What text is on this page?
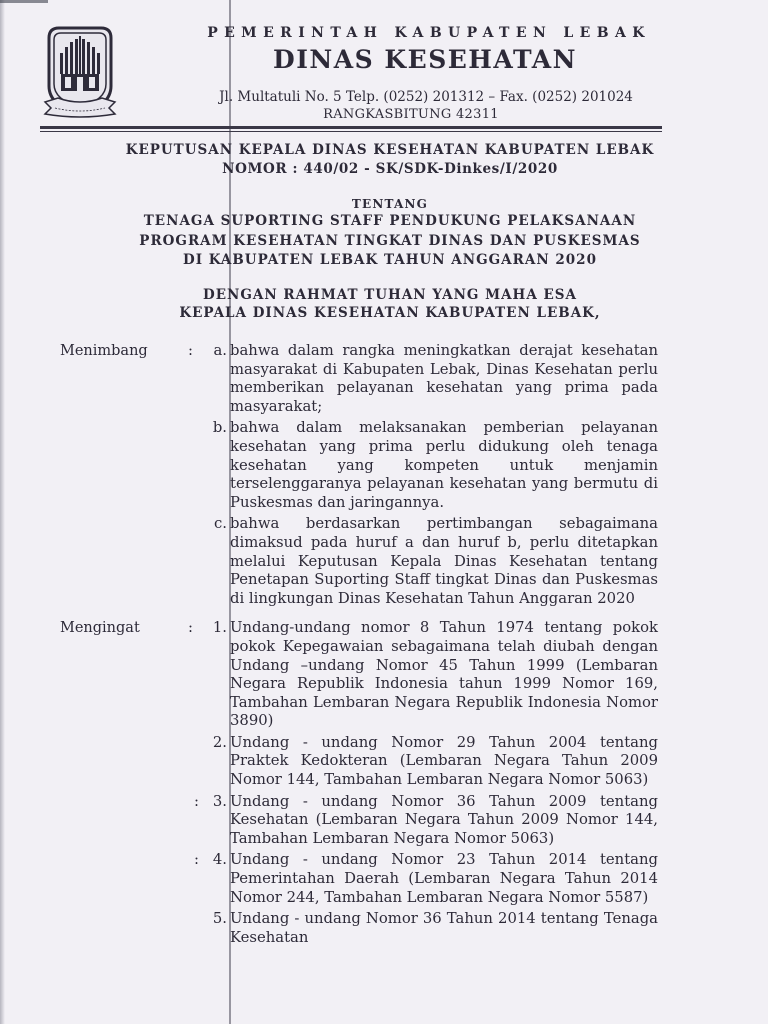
PEMERINTAH KABUPATEN LEBAK
DINAS KESEHATAN
Jl. Multatuli No. 5 Telp. (0252) 201312 – Fax. (0252) 201024
RANGKASBITUNG 42311
KEPUTUSAN KEPALA DINAS KESEHATAN KABUPATEN LEBAK
NOMOR : 440/02 - SK/SDK-Dinkes/I/2020
TENTANG
TENAGA SUPORTING STAFF PENDUKUNG PELAKSANAAN
PROGRAM KESEHATAN TINGKAT DINAS DAN PUSKESMAS
DI KABUPATEN LEBAK TAHUN ANGGARAN 2020
DENGAN RAHMAT TUHAN YANG MAHA ESA
KEPALA DINAS KESEHATAN KABUPATEN LEBAK,
Menimbang	:	a. bahwa dalam rangka meningkatkan derajat kesehatan masyarakat di Kabupaten Lebak, Dinas Kesehatan perlu memberikan pelayanan kesehatan yang prima pada masyarakat;
b. bahwa dalam melaksanakan pemberian pelayanan kesehatan yang prima perlu didukung oleh tenaga kesehatan yang kompeten untuk menjamin terselenggaranya pelayanan kesehatan yang bermutu di Puskesmas dan jaringannya.
c. bahwa berdasarkan pertimbangan sebagaimana dimaksud pada huruf a dan huruf b, perlu ditetapkan melalui Keputusan Kepala Dinas Kesehatan tentang Penetapan Suporting Staff tingkat Dinas dan Puskesmas di lingkungan Dinas Kesehatan Tahun Anggaran 2020
Mengingat	:	1. Undang-undang nomor 8 Tahun 1974 tentang pokok pokok Kepegawaian sebagaimana telah diubah dengan Undang –undang Nomor 45 Tahun 1999 (Lembaran Negara Republik Indonesia tahun 1999 Nomor 169, Tambahan Lembaran Negara Republik Indonesia Nomor 3890)
2. Undang - undang Nomor 29 Tahun 2004 tentang Praktek Kedokteran (Lembaran Negara Tahun 2009 Nomor 144, Tambahan Lembaran Negara Nomor 5063)
: 3. Undang - undang Nomor 36 Tahun 2009 tentang Kesehatan (Lembaran Negara Tahun 2009 Nomor 144, Tambahan Lembaran Negara Nomor 5063)
: 4. Undang - undang Nomor 23 Tahun 2014 tentang Pemerintahan Daerah (Lembaran Negara Tahun 2014 Nomor 244, Tambahan Lembaran Negara Nomor 5587)
5. Undang - undang Nomor 36 Tahun 2014 tentang Tenaga Kesehatan
